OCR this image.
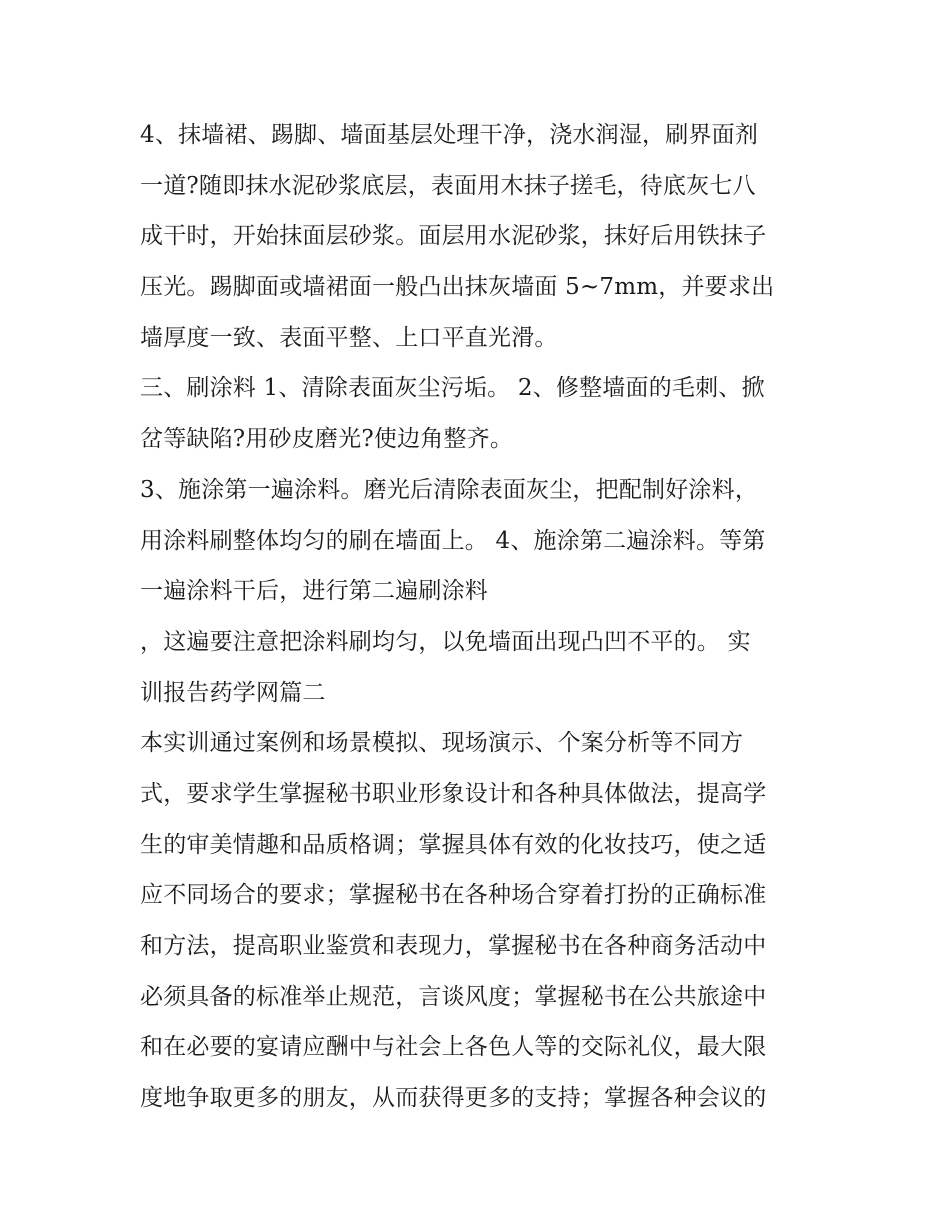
4、抹墙裙、踢脚、墙面基层处理干净，浇水润湿，刷界面剂
一道?随即抹水泥砂浆底层，表面用木抹子搓毛，待底灰七八
成干时，开始抹面层砂浆。面层用水泥砂浆，抹好后用铁抹子
压光。踢脚面或墙裙面一般凸出抹灰墙面 5~7mm，并要求出
墙厚度一致、表面平整、上口平直光滑。
三、刷涂料 1、清除表面灰尘污垢。 2、修整墙面的毛刺、掀
岔等缺陷?用砂皮磨光?使边角整齐。
3、施涂第一遍涂料。磨光后清除表面灰尘，把配制好涂料，
用涂料刷整体均匀的刷在墙面上。 4、施涂第二遍涂料。等第
一遍涂料干后，进行第二遍刷涂料
，这遍要注意把涂料刷均匀，以免墙面出现凸凹不平的。 实
训报告药学网篇二
本实训通过案例和场景模拟、现场演示、个案分析等不同方
式，要求学生掌握秘书职业形象设计和各种具体做法，提高学
生的审美情趣和品质格调；掌握具体有效的化妆技巧，使之适
应不同场合的要求；掌握秘书在各种场合穿着打扮的正确标准
和方法，提高职业鉴赏和表现力，掌握秘书在各种商务活动中
必须具备的标准举止规范，言谈风度；掌握秘书在公共旅途中
和在必要的宴请应酬中与社会上各色人等的交际礼仪，最大限
度地争取更多的朋友，从而获得更多的支持；掌握各种会议的
